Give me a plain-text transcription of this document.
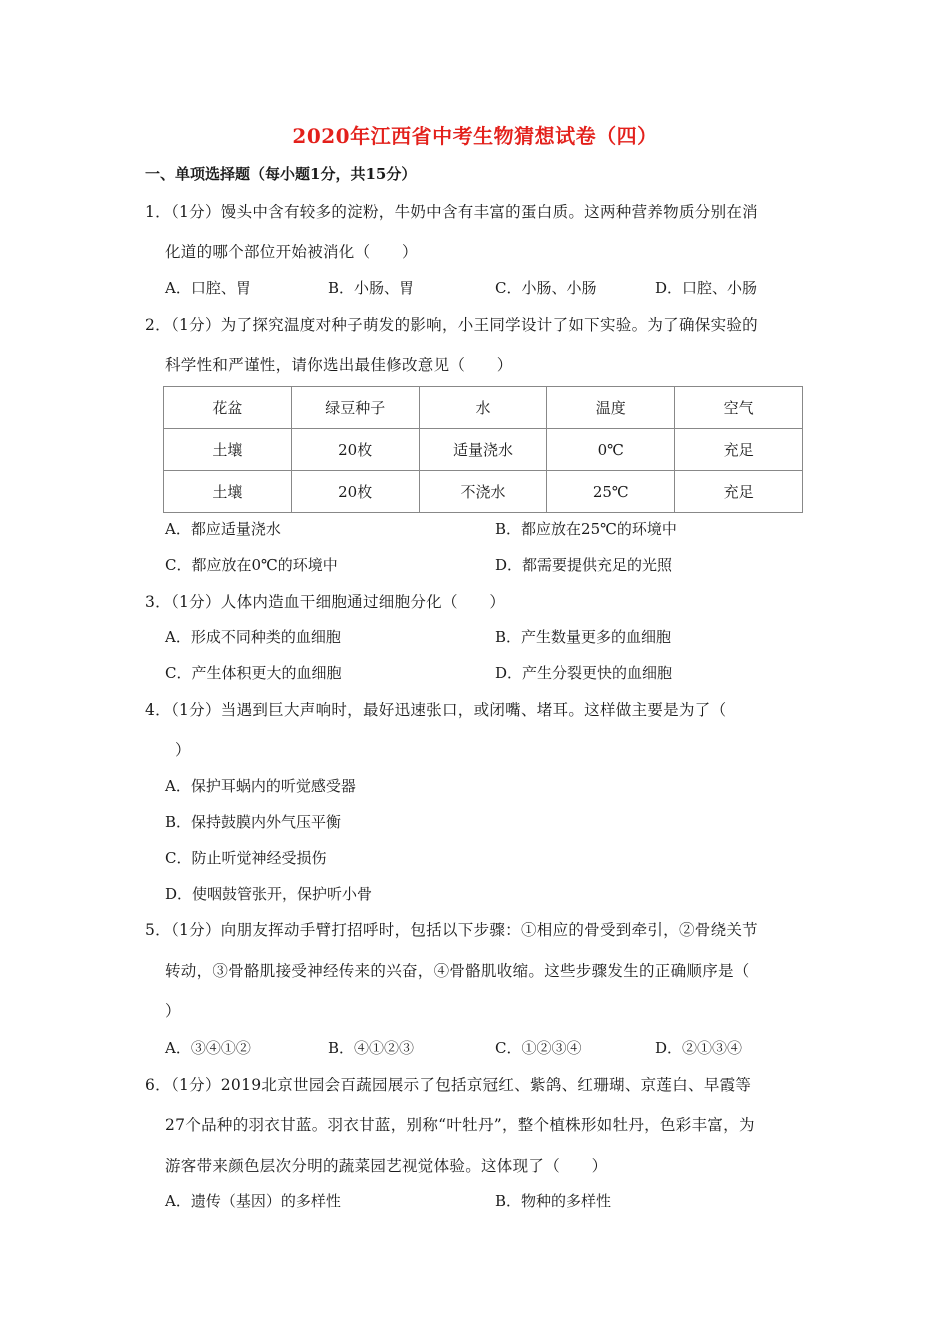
2020年江西省中考生物猜想试卷（四）
一、单项选择题（每小题1分，共15分）
1．（1分）馒头中含有较多的淀粉，牛奶中含有丰富的蛋白质。这两种营养物质分别在消
化道的哪个部位开始被消化（　　）
A．口腔、胃	B．小肠、胃	C．小肠、小肠	D．口腔、小肠
2．（1分）为了探究温度对种子萌发的影响，小王同学设计了如下实验。为了确保实验的
科学性和严谨性，请你选出最佳修改意见（　　）
花盆	绿豆种子	水	温度	空气
土壤	20枚	适量浇水	0℃	充足
土壤	20枚	不浇水	25℃	充足
A．都应适量浇水	B．都应放在25℃的环境中
C．都应放在0℃的环境中	D．都需要提供充足的光照
3．（1分）人体内造血干细胞通过细胞分化（　　）
A．形成不同种类的血细胞	B．产生数量更多的血细胞
C．产生体积更大的血细胞	D．产生分裂更快的血细胞
4．（1分）当遇到巨大声响时，最好迅速张口，或闭嘴、堵耳。这样做主要是为了（
）
A．保护耳蜗内的听觉感受器
B．保持鼓膜内外气压平衡
C．防止听觉神经受损伤
D．使咽鼓管张开，保护听小骨
5．（1分）向朋友挥动手臂打招呼时，包括以下步骤：①相应的骨受到牵引，②骨绕关节
转动，③骨骼肌接受神经传来的兴奋，④骨骼肌收缩。这些步骤发生的正确顺序是（
）
A．③④①②	B．④①②③	C．①②③④	D．②①③④
6．（1分）2019北京世园会百蔬园展示了包括京冠红、紫鸽、红珊瑚、京莲白、早霞等
27个品种的羽衣甘蓝。羽衣甘蓝，别称“叶牡丹”，整个植株形如牡丹，色彩丰富，为
游客带来颜色层次分明的蔬菜园艺视觉体验。这体现了（　　）
A．遗传（基因）的多样性	B．物种的多样性
